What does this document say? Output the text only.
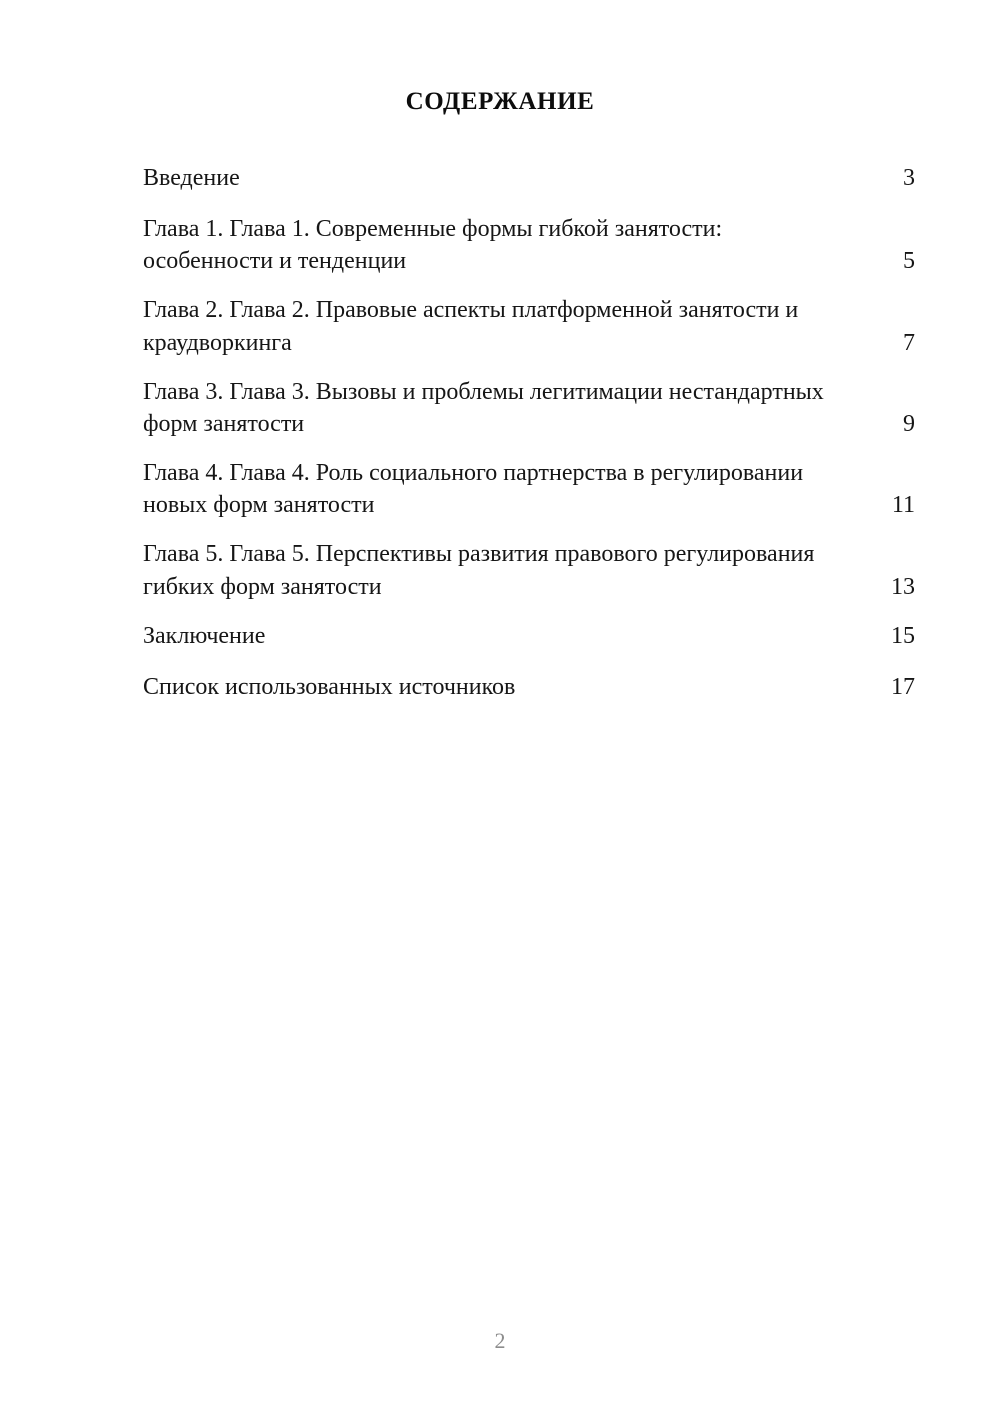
СОДЕРЖАНИЕ
Введение	3
Глава 1. Глава 1. Современные формы гибкой занятости: особенности и тенденции	5
Глава 2. Глава 2. Правовые аспекты платформенной занятости и краудворкинга	7
Глава 3. Глава 3. Вызовы и проблемы легитимации нестандартных форм занятости	9
Глава 4. Глава 4. Роль социального партнерства в регулировании новых форм занятости	11
Глава 5. Глава 5. Перспективы развития правового регулирования гибких форм занятости	13
Заключение	15
Список использованных источников	17
2
